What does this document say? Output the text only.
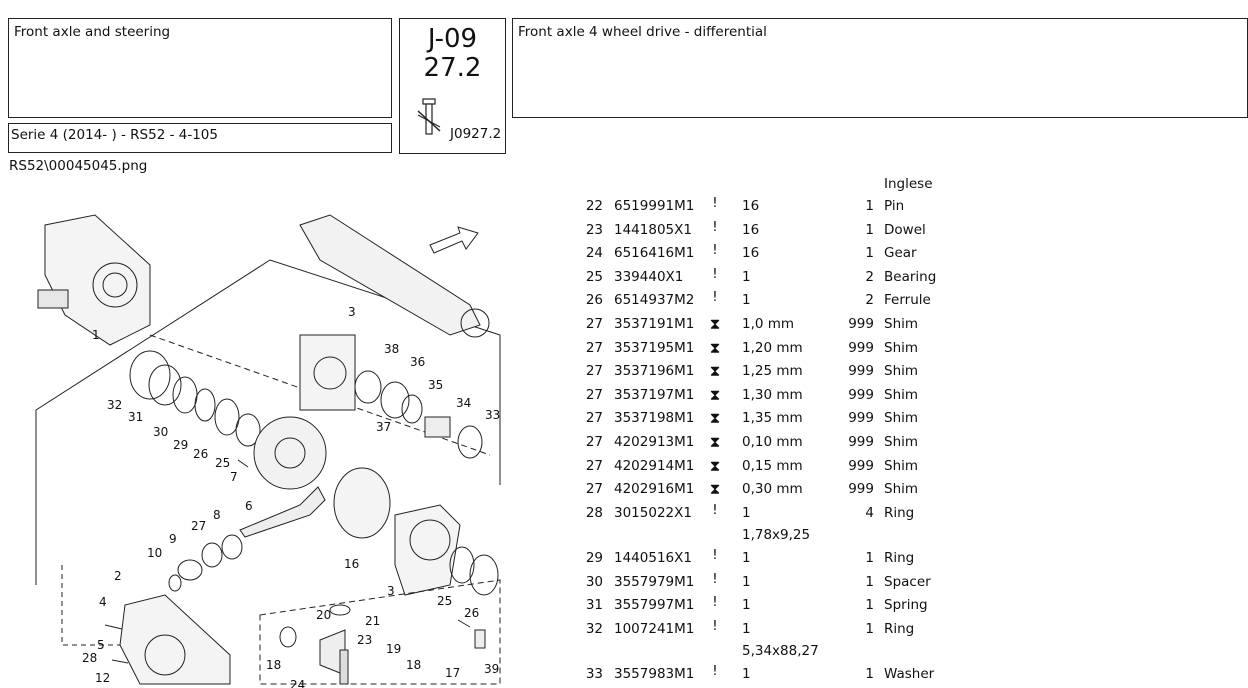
Front axle and steering
Serie 4 (2014- ) - RS52 - 4-105
J-09
27.2
J0927.2
Front axle 4 wheel drive - differential
RS52\00045045.png
1
2
3
3
4
5
6
7
8
9
10
12
16
17
18	18
19
20	21
23
24
25
25
26
26
27
28
29
30
31
32
33
34
35
36
37
38
39
Inglese
22 6519991M1	!	16	1 Pin
23 1441805X1	!	16	1 Dowel
24 6516416M1	!	16	1 Gear
25 339440X1	!	1	2 Bearing
26 6514937M2	!	1	2 Ferrule
27 3537191M1 ⧗ 1,0 mm	999 Shim
27 3537195M1 ⧗ 1,20 mm	999 Shim
27 3537196M1 ⧗ 1,25 mm	999 Shim
27 3537197M1 ⧗ 1,30 mm	999 Shim
27 3537198M1 ⧗ 1,35 mm	999 Shim
27 4202913M1 ⧗ 0,10 mm	999 Shim
27 4202914M1 ⧗ 0,15 mm	999 Shim
27 4202916M1 ⧗ 0,30 mm	999 Shim
28 3015022X1	!	1	4 Ring
1,78x9,25
29 1440516X1	!	1	1 Ring
30 3557979M1	!	1	1 Spacer
31 3557997M1	!	1	1 Spring
32 1007241M1	!	1	1 Ring
5,34x88,27
33 3557983M1	!	1	1 Washer
